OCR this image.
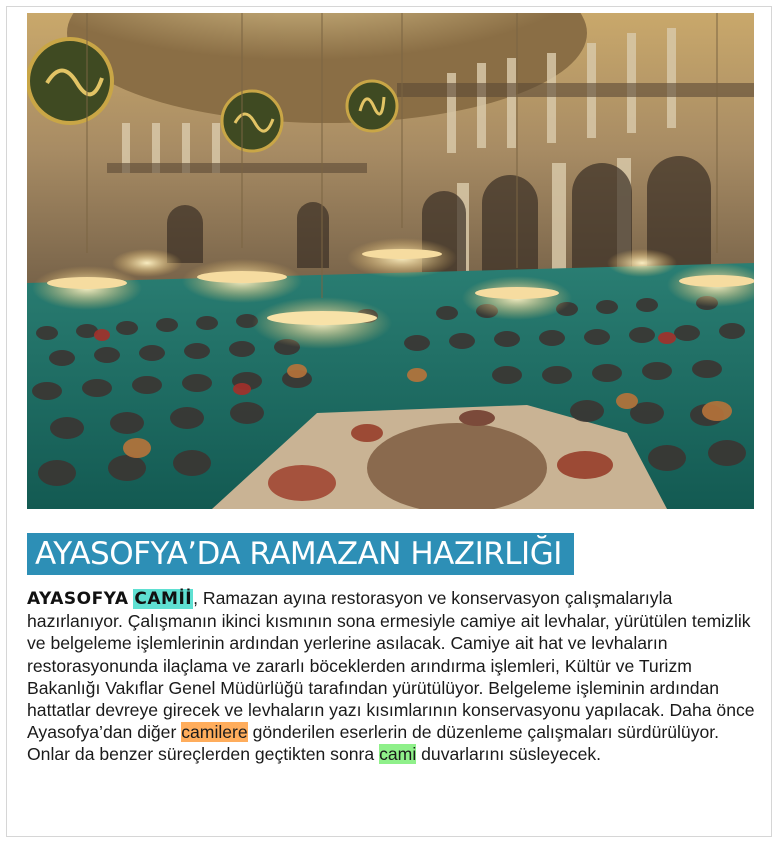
AYASOFYA’DA RAMAZAN HAZIRLIĞI
AYASOFYA CAMİİ, Ramazan ayına restorasyon ve konservasyon çalışmalarıyla hazırlanıyor. Çalışmanın ikinci kısmının sona ermesiyle camiye ait levhalar, yürütülen temizlik ve belgeleme işlemlerinin ardından yerlerine asılacak. Camiye ait hat ve levhaların restorasyonunda ilaçlama ve zararlı böceklerden arındırma işlemleri, Kültür ve Turizm Bakanlığı Vakıflar Genel Müdürlüğü tarafından yürütülüyor. Belgeleme işleminin ardından hattatlar devreye girecek ve levhaların yazı kısımlarının konservasyonu yapılacak. Daha önce Ayasofya’dan diğer camilere gönderilen eserlerin de düzenleme çalışmaları sürdürülüyor. Onlar da benzer süreçlerden geçtikten sonra cami duvarlarını süsleyecek.
